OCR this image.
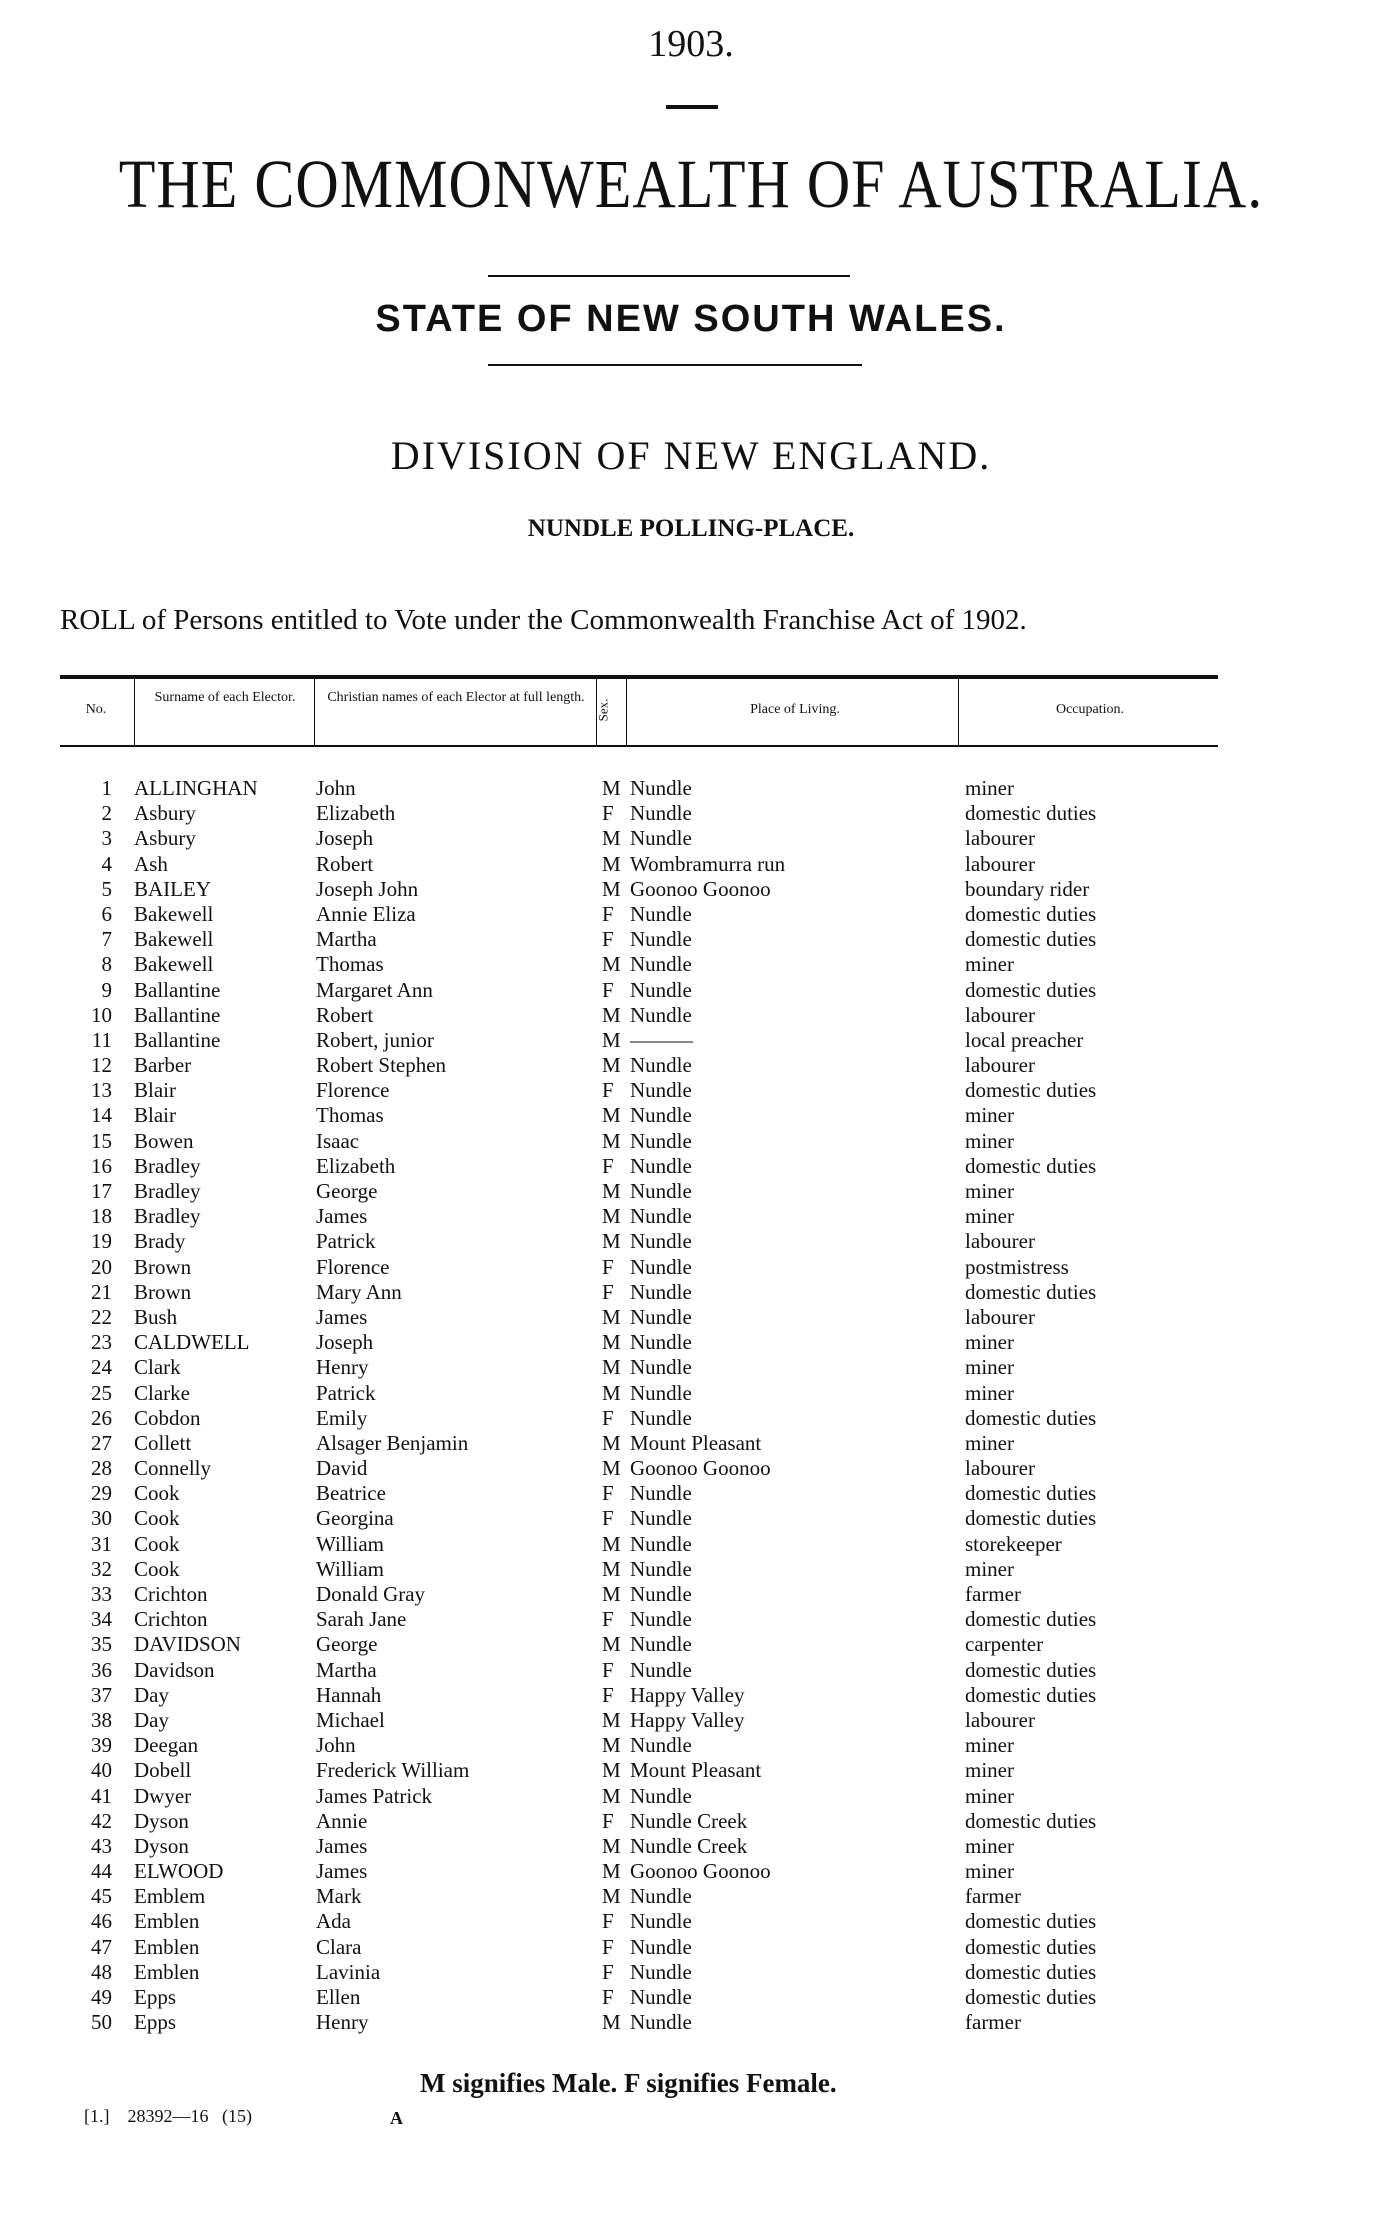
1903.
THE COMMONWEALTH OF AUSTRALIA.
STATE OF NEW SOUTH WALES.
DIVISION OF NEW ENGLAND.
NUNDLE POLLING-PLACE.
ROLL of Persons entitled to Vote under the Commonwealth Franchise Act of 1902.
No.
Surname of each Elector.	Christian names of each Elector at full length.
Sex.	Place of Living.	Occupation.
1 ALLINGHAN	John	M Nundle	miner
2 Asbury	Elizabeth	F Nundle	domestic duties
3 Asbury	Joseph	M Nundle	labourer
4 Ash	Robert	M Wombramurra run	labourer
5 BAILEY	Joseph John	M Goonoo Goonoo	boundary rider
6 Bakewell	Annie Eliza	F Nundle	domestic duties
7 Bakewell	Martha	F Nundle	domestic duties
8 Bakewell	Thomas	M Nundle	miner
9 Ballantine	Margaret Ann	F Nundle	domestic duties
10 Ballantine	Robert	M Nundle	labourer
11 Ballantine	Robert, junior	M ———	local preacher
12 Barber	Robert Stephen	M Nundle	labourer
13 Blair	Florence	F Nundle	domestic duties
14 Blair	Thomas	M Nundle	miner
15 Bowen	Isaac	M Nundle	miner
16 Bradley	Elizabeth	F Nundle	domestic duties
17 Bradley	George	M Nundle	miner
18 Bradley	James	M Nundle	miner
19 Brady	Patrick	M Nundle	labourer
20 Brown	Florence	F Nundle	postmistress
21 Brown	Mary Ann	F Nundle	domestic duties
22 Bush	James	M Nundle	labourer
23 CALDWELL	Joseph	M Nundle	miner
24 Clark	Henry	M Nundle	miner
25 Clarke	Patrick	M Nundle	miner
26 Cobdon	Emily	F Nundle	domestic duties
27 Collett	Alsager Benjamin	M Mount Pleasant	miner
28 Connelly	David	M Goonoo Goonoo	labourer
29 Cook	Beatrice	F Nundle	domestic duties
30 Cook	Georgina	F Nundle	domestic duties
31 Cook	William	M Nundle	storekeeper
32 Cook	William	M Nundle	miner
33 Crichton	Donald Gray	M Nundle	farmer
34 Crichton	Sarah Jane	F Nundle	domestic duties
35 DAVIDSON	George	M Nundle	carpenter
36 Davidson	Martha	F Nundle	domestic duties
37 Day	Hannah	F Happy Valley	domestic duties
38 Day	Michael	M Happy Valley	labourer
39 Deegan	John	M Nundle	miner
40 Dobell	Frederick William	M Mount Pleasant	miner
41 Dwyer	James Patrick	M Nundle	miner
42 Dyson	Annie	F Nundle Creek	domestic duties
43 Dyson	James	M Nundle Creek	miner
44 ELWOOD	James	M Goonoo Goonoo	miner
45 Emblem	Mark	M Nundle	farmer
46 Emblen	Ada	F Nundle	domestic duties
47 Emblen	Clara	F Nundle	domestic duties
48 Emblen	Lavinia	F Nundle	domestic duties
49 Epps	Ellen	F Nundle	domestic duties
50 Epps	Henry	M Nundle	farmer
M signifies Male. F signifies Female.
[1.]    28392—16   (15)	A
